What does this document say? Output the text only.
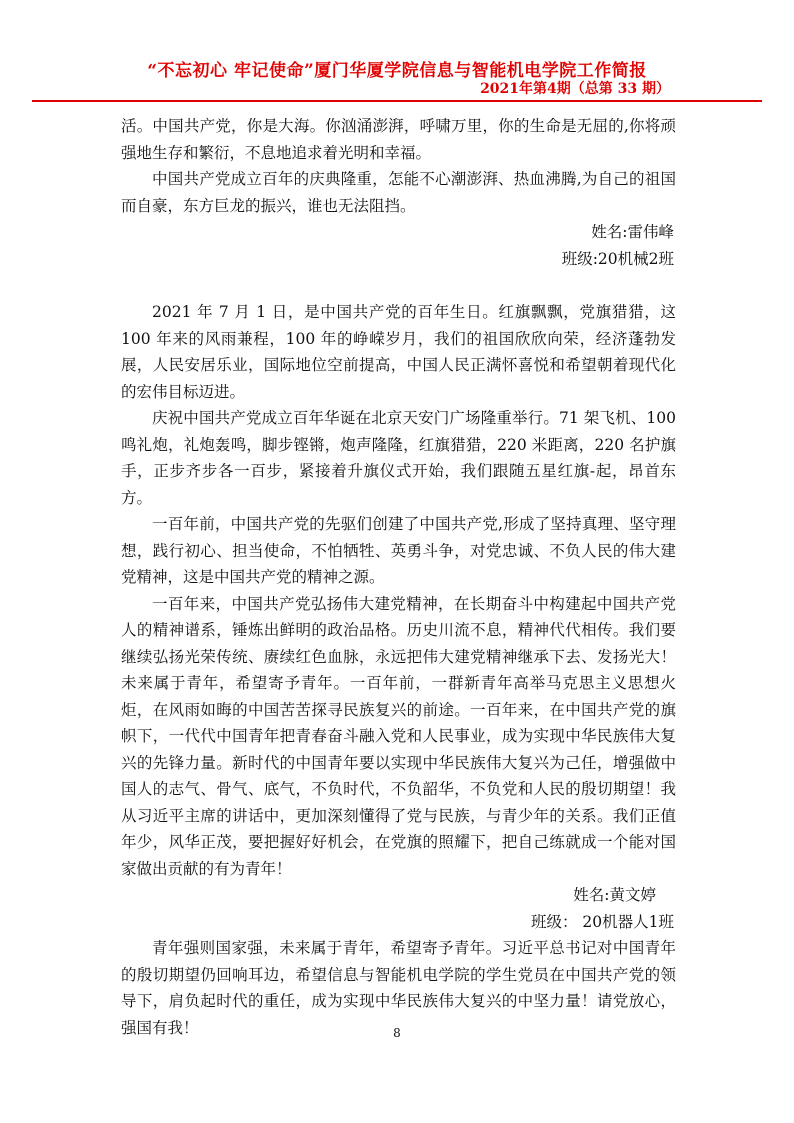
“不忘初心 牢记使命”厦门华厦学院信息与智能机电学院工作简报
2021年第4期（总第 33 期）

活。中国共产党，你是大海。你汹涌澎湃，呼啸万里，你的生命是无屈的,你将顽强地生存和繁衍，不息地追求着光明和幸福。

中国共产党成立百年的庆典隆重，怎能不心潮澎湃、热血沸腾,为自己的祖国而自豪，东方巨龙的振兴，谁也无法阻挡。

姓名:雷伟峰

班级:20机械2班

2021 年 7 月 1 日，是中国共产党的百年生日。红旗飘飘，党旗猎猎，这 100 年来的风雨兼程，100 年的峥嵘岁月，我们的祖国欣欣向荣，经济蓬勃发展，人民安居乐业，国际地位空前提高，中国人民正满怀喜悦和希望朝着现代化的宏伟目标迈进。

庆祝中国共产党成立百年华诞在北京天安门广场隆重举行。71 架飞机、100 鸣礼炮，礼炮轰鸣，脚步铿锵，炮声隆隆，红旗猎猎，220 米距离，220 名护旗手，正步齐步各一百步，紧接着升旗仪式开始，我们跟随五星红旗-起，昂首东方。

一百年前，中国共产党的先驱们创建了中国共产党,形成了坚持真理、坚守理想，践行初心、担当使命，不怕牺牲、英勇斗争，对党忠诚、不负人民的伟大建党精神，这是中国共产党的精神之源。

一百年来，中国共产党弘扬伟大建党精神，在长期奋斗中构建起中国共产党人的精神谱系，锤炼出鲜明的政治品格。历史川流不息，精神代代相传。我们要继续弘扬光荣传统、赓续红色血脉，永远把伟大建党精神继承下去、发扬光大！未来属于青年，希望寄予青年。一百年前，一群新青年高举马克思主义思想火炬，在风雨如晦的中国苦苦探寻民族复兴的前途。一百年来，在中国共产党的旗帜下，一代代中国青年把青春奋斗融入党和人民事业，成为实现中华民族伟大复兴的先锋力量。新时代的中国青年要以实现中华民族伟大复兴为己任，增强做中国人的志气、骨气、底气，不负时代，不负韶华，不负党和人民的殷切期望！我从习近平主席的讲话中，更加深刻懂得了党与民族，与青少年的关系。我们正值年少，风华正茂，要把握好好机会，在党旗的照耀下，把自己练就成一个能对国家做出贡献的有为青年！

姓名:黄文婷

班级： 20机器人1班

青年强则国家强，未来属于青年，希望寄予青年。习近平总书记对中国青年的殷切期望仍回响耳边，希望信息与智能机电学院的学生党员在中国共产党的领导下，肩负起时代的重任，成为实现中华民族伟大复兴的中坚力量！请党放心，强国有我！	8
